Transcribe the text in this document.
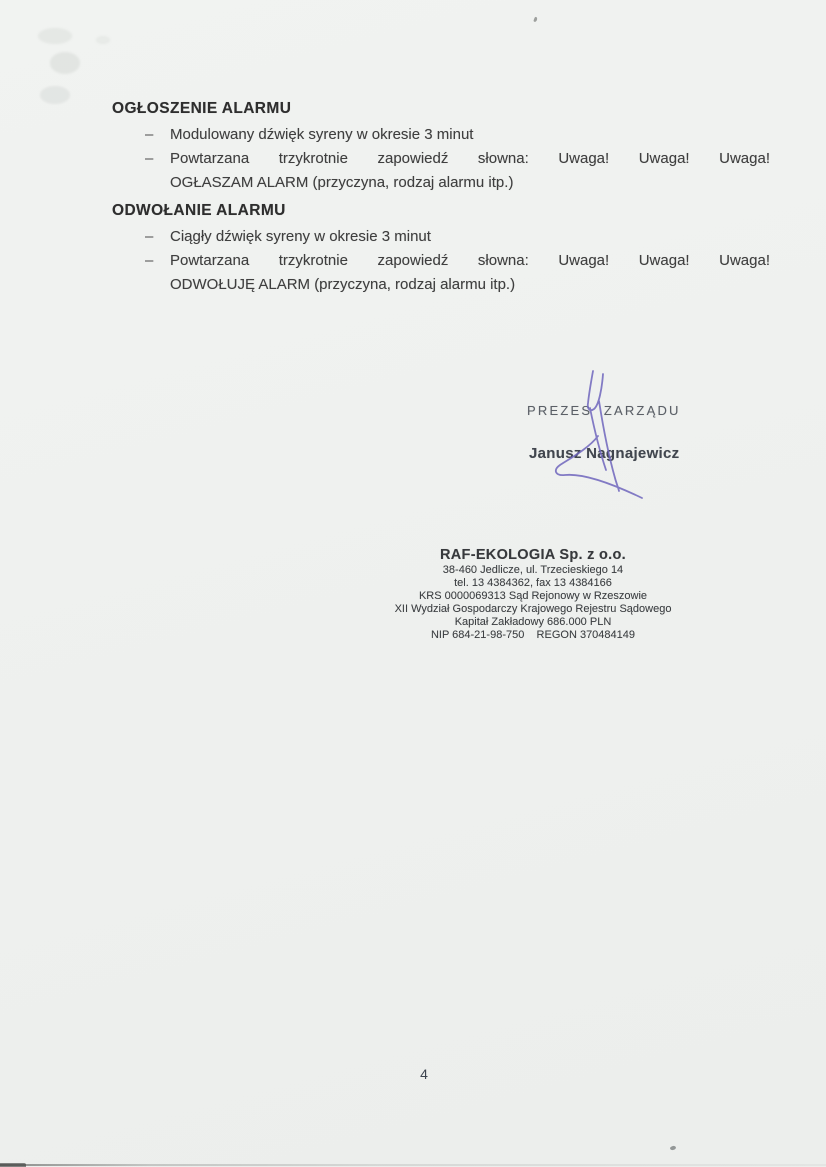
OGŁOSZENIE ALARMU
– Modulowany dźwięk syreny w okresie 3 minut
– Powtarzana trzykrotnie zapowiedź słowna: Uwaga! Uwaga! Uwaga!
OGŁASZAM ALARM (przyczyna, rodzaj alarmu itp.)
ODWOŁANIE ALARMU
– Ciągły dźwięk syreny w okresie 3 minut
– Powtarzana trzykrotnie zapowiedź słowna: Uwaga! Uwaga! Uwaga!
ODWOŁUJĘ ALARM (przyczyna, rodzaj alarmu itp.)
PREZES  ZARZĄDU
Janusz Nagnajewicz
RAF-EKOLOGIA Sp. z o.o.
38-460 Jedlicze, ul. Trzecieskiego 14
tel. 13 4384362, fax 13 4384166
KRS 0000069313 Sąd Rejonowy w Rzeszowie
XII Wydział Gospodarczy Krajowego Rejestru Sądowego
Kapitał Zakładowy 686.000 PLN
NIP 684-21-98-750    REGON 370484149
4
